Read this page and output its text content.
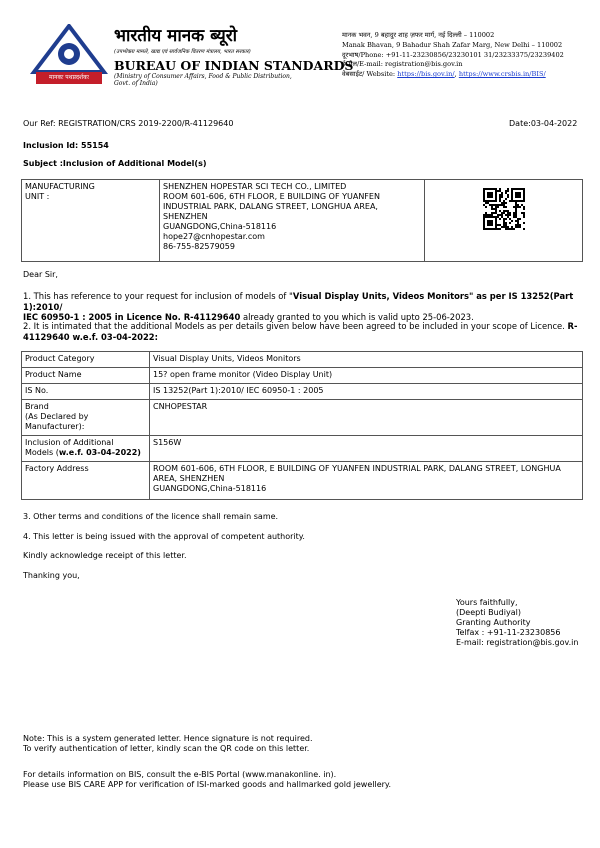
मानकः पथप्रदर्शकः
भारतीय मानक ब्यूरो
(उपभोक्ता मामले, खाद्य एवं सार्वजनिक वितरण मंत्रालय, भारत सरकार)
BUREAU OF INDIAN STANDARDS
(Ministry of Consumer Affairs, Food & Public Distribution,
Govt. of India)
मानक भवन, 9 बहादुर शाह ज़फर मार्ग, नई दिल्ली – 110002
Manak Bhavan, 9 Bahadur Shah Zafar Marg, New Delhi – 110002
दूरभाष/Phone: +91-11-23230856/23230101 31/23233375/23239402
ई–मेल/E-mail: registration@bis.gov.in
वेबसाईट/ Website: https://bis.gov.in/, https://www.crsbis.in/BIS/
Our Ref: REGISTRATION/CRS 2019-2200/R-41129640	Date:03-04-2022
Inclusion Id: 55154
Subject :Inclusion of Additional Model(s)
MANUFACTURING
UNIT :

SHENZHEN HOPESTAR SCI TECH CO., LIMITED
ROOM 601-606, 6TH FLOOR, E BUILDING OF YUANFEN
INDUSTRIAL PARK, DALANG STREET, LONGHUA AREA,
SHENZHEN
GUANGDONG,China-518116
hope27@cnhopestar.com
86-755-82579059

Dear Sir,
1. This has reference to your request for inclusion of models of "Visual Display Units, Videos Monitors" as per IS 13252(Part 1):2010/
IEC 60950-1 : 2005 in Licence No. R-41129640 already granted to you which is valid upto 25-06-2023.
2. It is intimated that the additional Models as per details given below have been agreed to be included in your scope of Licence. R-
41129640 w.e.f. 03-04-2022:
Product Category	Visual Display Units, Videos Monitors
Product Name	15? open frame monitor (Video Display Unit)
IS No.	IS 13252(Part 1):2010/ IEC 60950-1 : 2005

Brand
(As Declared by
Manufacturer):	CNHOPESTAR

Inclusion of Additional
Models (w.e.f. 03-04-2022)	S156W
Factory Address	ROOM 601-606, 6TH FLOOR, E BUILDING OF YUANFEN INDUSTRIAL PARK, DALANG STREET, LONGHUA
AREA, SHENZHEN
GUANGDONG,China-518116
3. Other terms and conditions of the licence shall remain same.
4. This letter is being issued with the approval of competent authority.
Kindly acknowledge receipt of this letter.
Thanking you,
Yours faithfully,
(Deepti Budiyal)
Granting Authority
Telfax : +91-11-23230856
E-mail: registration@bis.gov.in
Note: This is a system generated letter. Hence signature is not required.
To verify authentication of letter, kindly scan the QR code on this letter.
For details information on BIS, consult the e-BIS Portal (www.manakonline. in).
Please use BIS CARE APP for verification of ISI-marked goods and hallmarked gold jewellery.
